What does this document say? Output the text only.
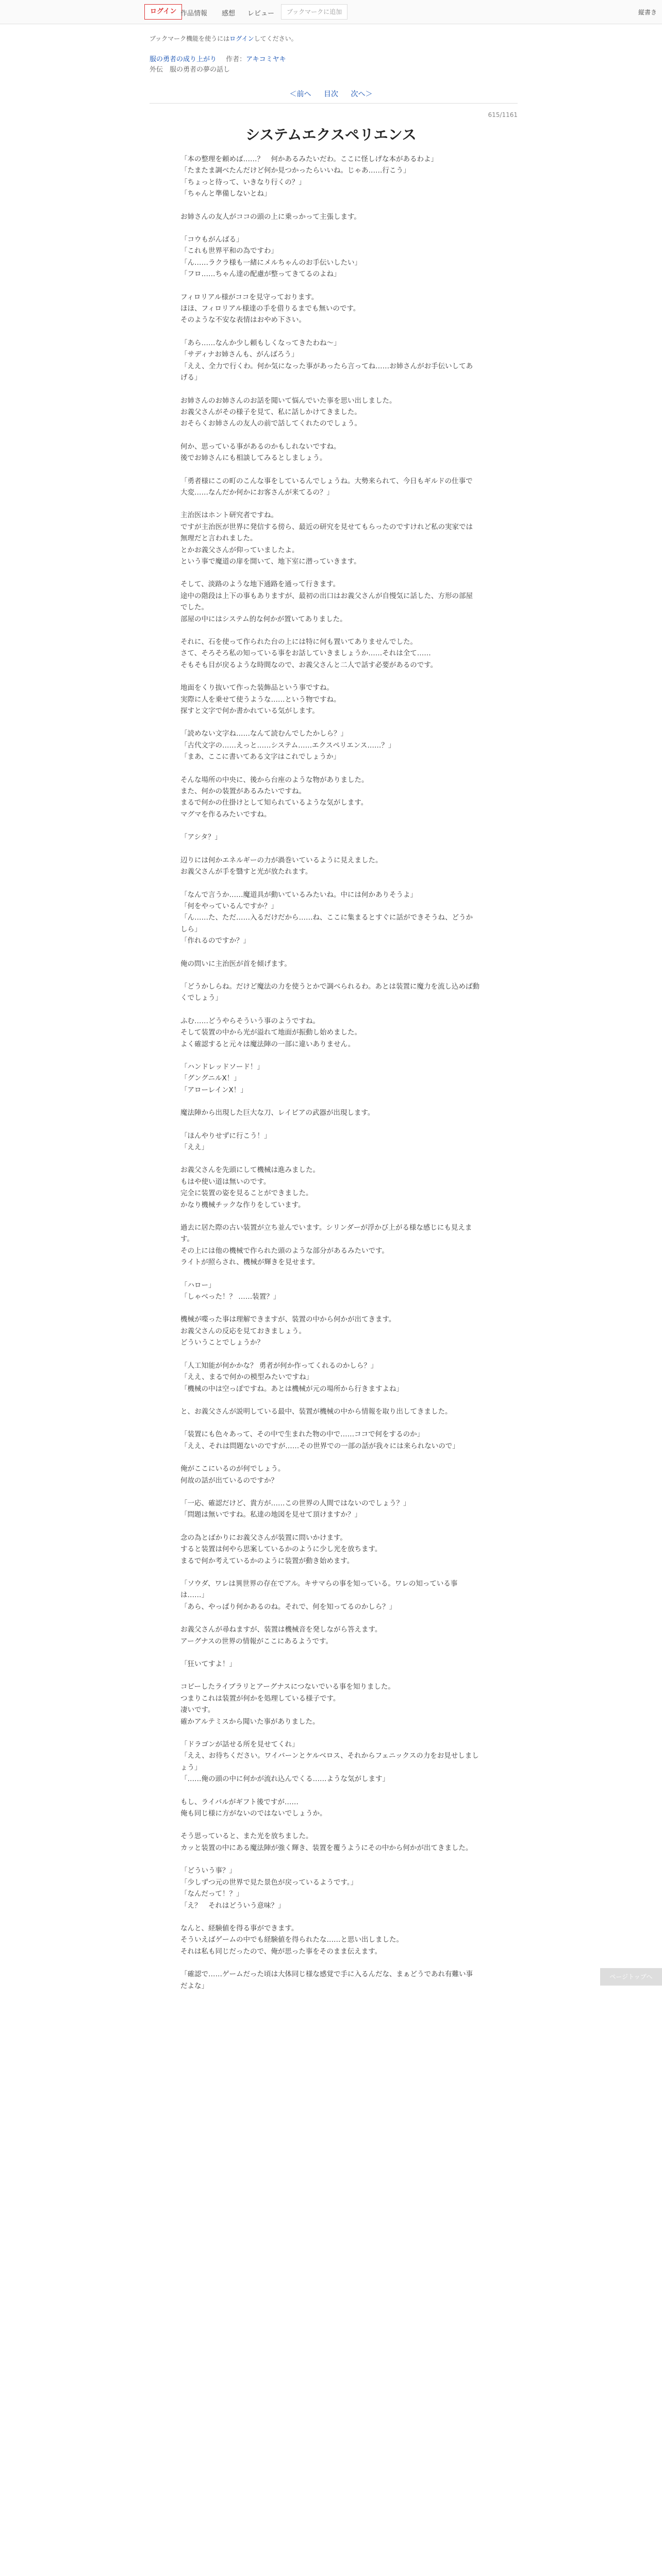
ログイン 作品情報 感想 レビュー	ブックマークに追加	縦書き
ブックマーク機能を使うにはログインしてください。
服の勇者の成り上がり 作者：アキコミヤキ
外伝　服の勇者の夢の話し
＜前へ 目次 次へ＞
615/1161
システムエクスペリエンス

「本の整理を頼めば……？　何かあるみたいだわ。ここに怪しげな本があるわよ」
「たまたま調べたんだけど何か見つかったらいいね。じゃあ……行こう」
「ちょっと待って、いきなり行くの？」
「ちゃんと準備しないとね」

お姉さんの友人がココの頭の上に乗っかって主張します。

「コウもがんばる」
「これも世界平和の為ですわ」
「ん……ラクラ様も一緒にメルちゃんのお手伝いしたい」
「フロ……ちゃん達の配慮が整ってきてるのよね」

フィロリアル様がココを見守っております。
ほほ、フィロリアル様達の手を借りるまでも無いのです。
そのような不安な表情はおやめ下さい。

「あら……なんか少し頼もしくなってきたわね～」
「サディナお姉さんも、がんばろう」
「ええ、全力で行くわ。何か気になった事があったら言ってね……お姉さんがお手伝いしてあげる」

お姉さんのお姉さんのお話を聞いて悩んでいた事を思い出しました。
お義父さんがその様子を見て、私に話しかけてきました。
おそらくお姉さんの友人の前で話してくれたのでしょう。

何か、思っている事があるのかもしれないですね。
後でお姉さんにも相談してみるとしましょう。

「勇者様にこの町のこんな事をしているんでしょうね。大勢来られて、今日もギルドの仕事で大変……なんだか何かにお客さんが来てるの？」

主治医はホント研究者ですね。
ですが主治医が世界に発信する傍ら、最近の研究を見せてもらったのですけれど私の実家では無理だと言われました。
とかお義父さんが仰っていましたよ。
という事で魔道の扉を開いて、地下室に潜っていきます。

そして、淡路のような地下通路を通って行きます。
途中の階段は上下の事もありますが、最初の出口はお義父さんが自慢気に話した、方形の部屋でした。
部屋の中にはシステム的な何かが置いてありました。

それに、石を使って作られた台の上には特に何も置いてありませんでした。
さて、そろそろ私の知っている事をお話していきましょうか……それは全て……
そもそも目が戻るような時間なので、お義父さんと二人で話す必要があるのです。

地面をくり抜いて作った装飾品という事ですね。
実際に人を乗せて使うような……という物ですね。
探すと文字で何か書かれている気がします。

「読めない文字ね……なんて読むんでしたかしら？」
「古代文字の……えっと……システム……エクスペリエンス……？」
「まあ、ここに書いてある文字はこれでしょうか」

そんな場所の中央に、後から台座のような物がありました。
また、何かの装置があるみたいですね。
まるで何かの仕掛けとして知られているような気がします。
マグマを作るみたいですね。

「アシタ？」

辺りには何かエネルギーの力が渦巻いているように見えました。
お義父さんが手を翳すと光が放たれます。

「なんで言うか……魔道具が動いているみたいね。中には何かありそうよ」
「何をやっているんですか？」
「ん……た、ただ……入るだけだから……ね、ここに集まるとすぐに話ができそうね、どうかしら」
「作れるのですか？」

俺の問いに主治医が首を傾げます。

「どうかしらね。だけど魔法の力を使うとかで調べられるわ。あとは装置に魔力を流し込めば動くでしょう」

ふむ……どうやらそういう事のようですね。
そして装置の中から光が溢れて地面が振動し始めました。
よく確認すると元々は魔法陣の一部に違いありません。

「ハンドレッドソード！」
「グングニルX！」
「アローレインX！」

魔法陣から出現した巨大な刀、レイピアの武器が出現します。

「ほんやりせずに行こう！」
「ええ」

お義父さんを先頭にして機械は進みました。
もはや使い道は無いのです。
完全に装置の姿を見ることができました。
かなり機械チックな作りをしています。

過去に居た際の古い装置が立ち並んでいます。シリンダーが浮かび上がる様な感じにも見えます。
その上には他の機械で作られた頭のような部分があるみたいです。
ライトが照らされ、機械が輝きを見せます。

「ハロー」
「しゃべった！？ ……装置？」

機械が喋った事は理解できますが、装置の中から何かが出てきます。
お義父さんの反応を見ておきましょう。
どういうことでしょうか？

「人工知能が何かかな？ 勇者が何か作ってくれるのかしら？」
「ええ、まるで何かの模型みたいですね」
「機械の中は空っぽですね。あとは機械が元の場所から行きますよね」

と、お義父さんが説明している最中、装置が機械の中から情報を取り出してきました。

「装置にも色々あって、その中で生まれた物の中で……ココで何をするのか」
「ええ、それは問題ないのですが……その世界での一部の話が我々には来られないので」

俺がここにいるのが何でしょう。
何故の話が出ているのですか？

「一応、確認だけど、貴方が……この世界の人間ではないのでしょう？」
「問題は無いですね。私達の地図を見せて頂けますか？」

念の為とばかりにお義父さんが装置に問いかけます。
すると装置は何やら思案しているかのように少し光を放ちます。
まるで何か考えているかのように装置が動き始めます。

「ソウダ、ワレは異世界の存在でアル。キサマらの事を知っている。ワレの知っている事は……」
「あら、やっぱり何かあるのね。それで、何を知ってるのかしら？」

お義父さんが尋ねますが、装置は機械音を発しながら答えます。
アーグナスの世界の情報がここにあるようです。

「狂いてすよ！」

コピーしたライブラリとアーグナスにつないでいる事を知りました。
つまりこれは装置が何かを処理している様子です。
凄いです。
確かアルテミスから聞いた事がありました。

「ドラゴンが話せる所を見せてくれ」
「ええ、お待ちください。ワイバーンとケルベロス、それからフェニックスの力をお見せしましょう」
「……俺の頭の中に何かが流れ込んでくる……ような気がします」

もし、ライバルがギフト後ですが……
俺も同じ様に方がないのではないでしょうか。

そう思っていると、また光を放ちました。
カッと装置の中にある魔法陣が強く輝き、装置を覆うようにその中から何かが出てきました。

「どういう事？」
「少しずつ元の世界で見た景色が戻っているようです。」
「なんだって！？」
「え？　それはどういう意味？」

なんと、経験値を得る事ができます。
そういえばゲームの中でも経験値を得られたな……と思い出しました。
それは私も同じだったので、俺が思った事をそのまま伝えます。

「確認で……ゲームだった頃は大体同じ様な感覚で手に入るんだな、まぁどうであれ有難い事だよな」

ページトップへ
